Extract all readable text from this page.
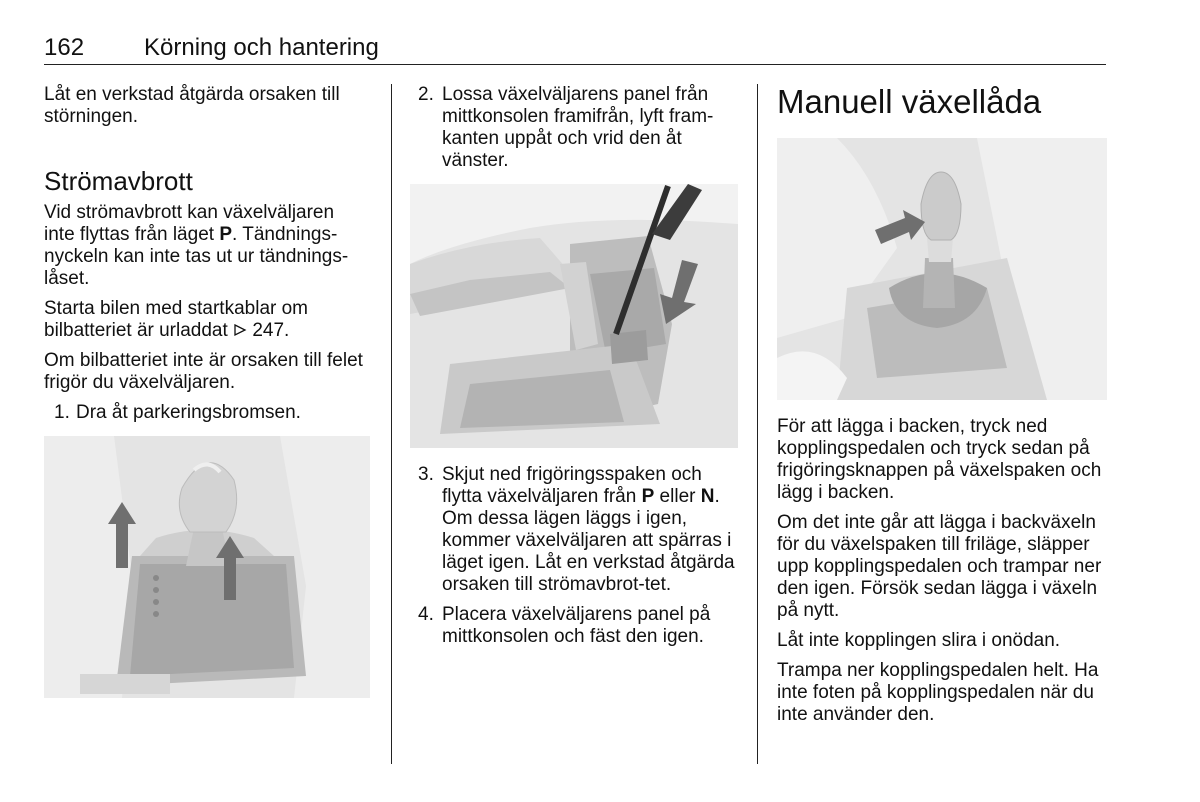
162 Körning och hantering

Låt en verkstad åtgärda orsaken till störningen.

Strömavbrott

Vid strömavbrott kan växelväljaren inte flyttas från läget P. Tändnings-nyckeln kan inte tas ut ur tändnings-låset.

Starta bilen med startkablar om bilbatteriet är urladdat  247.

Om bilbatteriet inte är orsaken till felet frigör du växelväljaren.

1. Dra åt parkeringsbromsen.
2. Lossa växelväljarens panel från mittkonsolen framifrån, lyft fram-kanten uppåt och vrid den åt vänster.
3. Skjut ned frigöringsspaken och flytta växelväljaren från P eller N. Om dessa lägen läggs i igen, kommer växelväljaren att spärras i läget igen. Låt en verkstad åtgärda orsaken till strömavbrot-tet.
4. Placera växelväljarens panel på mittkonsolen och fäst den igen.
Manuell växellåda

För att lägga i backen, tryck ned kopplingspedalen och tryck sedan på frigöringsknappen på växelspaken och lägg i backen.

Om det inte går att lägga i backväxeln för du växelspaken till friläge, släpper upp kopplingspedalen och trampar ner den igen. Försök sedan lägga i växeln på nytt.

Låt inte kopplingen slira i onödan.

Trampa ner kopplingspedalen helt. Ha inte foten på kopplingspedalen när du inte använder den.
